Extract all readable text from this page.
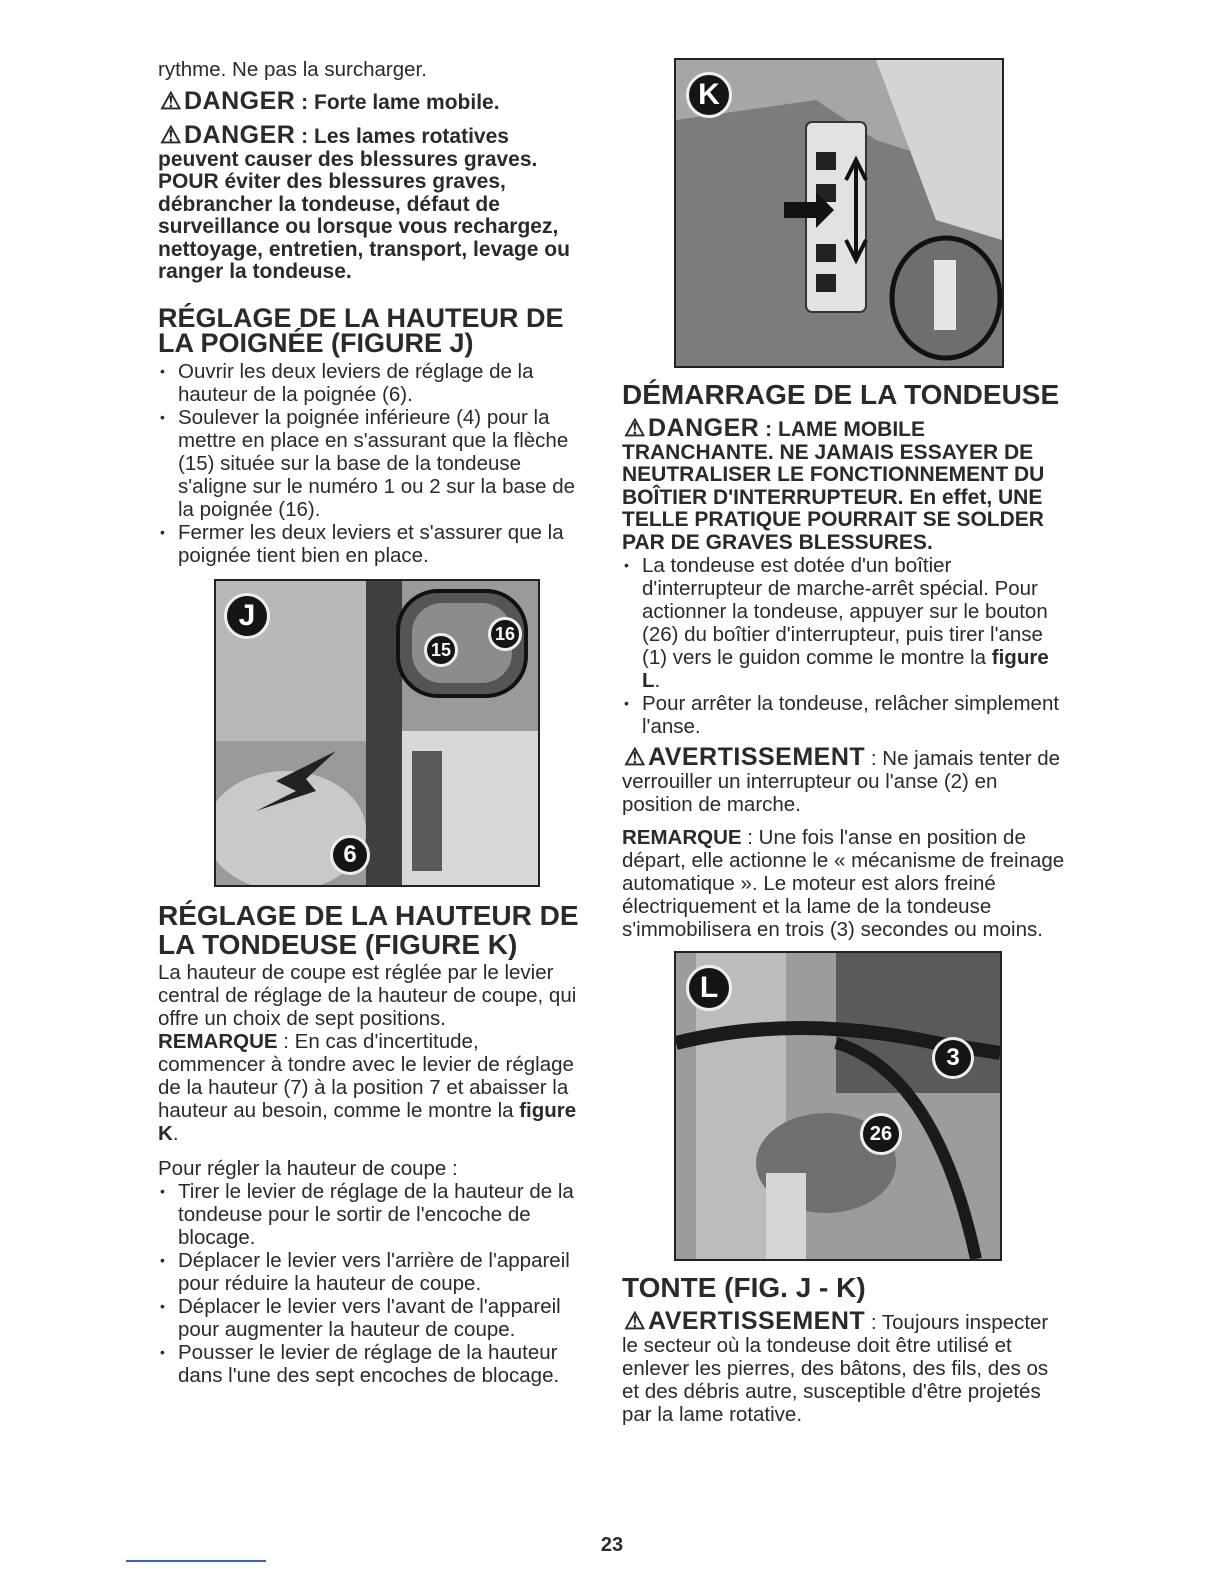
rythme. Ne pas la surcharger.

⚠DANGER : Forte lame mobile.

⚠DANGER : Les lames rotatives peuvent causer des blessures graves. POUR éviter des blessures graves, débrancher la tondeuse, défaut de surveillance ou lorsque vous rechargez, nettoyage, entretien, transport, levage ou ranger la tondeuse.

RÉGLAGE DE LA HAUTEUR DE LA POIGNÉE (FIGURE J)
• Ouvrir les deux leviers de réglage de la hauteur de la poignée (6).
• Soulever la poignée inférieure (4) pour la mettre en place en s'assurant que la flèche (15) située sur la base de la tondeuse s'aligne sur le numéro 1 ou 2 sur la base de la poignée (16).
• Fermer les deux leviers et s'assurer que la poignée tient bien en place.
J
15
16
6
RÉGLAGE DE LA HAUTEUR DE LA TONDEUSE (FIGURE K)

La hauteur de coupe est réglée par le levier central de réglage de la hauteur de coupe, qui offre un choix de sept positions.

REMARQUE : En cas d'incertitude, commencer à tondre avec le levier de réglage de la hauteur (7) à la position 7 et abaisser la hauteur au besoin, comme le montre la figure K.

Pour régler la hauteur de coupe :

• Tirer le levier de réglage de la hauteur de la tondeuse pour le sortir de l'encoche de blocage.
• Déplacer le levier vers l'arrière de l'appareil pour réduire la hauteur de coupe.
• Déplacer le levier vers l'avant de l'appareil pour augmenter la hauteur de coupe.
• Pousser le levier de réglage de la hauteur dans l'une des sept encoches de blocage.
K
DÉMARRAGE DE LA TONDEUSE

⚠DANGER : LAME MOBILE TRANCHANTE. NE JAMAIS ESSAYER DE NEUTRALISER LE FONCTIONNEMENT DU BOÎTIER D'INTERRUPTEUR. En effet, UNE TELLE PRATIQUE POURRAIT SE SOLDER PAR DE GRAVES BLESSURES.

• La tondeuse est dotée d'un boîtier d'interrupteur de marche-arrêt spécial. Pour actionner la tondeuse, appuyer sur le bouton (26) du boîtier d'interrupteur, puis tirer l'anse (1) vers le guidon comme le montre la figure L.
• Pour arrêter la tondeuse, relâcher simplement l'anse.

⚠AVERTISSEMENT : Ne jamais tenter de verrouiller un interrupteur ou l'anse (2) en position de marche.

REMARQUE : Une fois l'anse en position de départ, elle actionne le « mécanisme de freinage automatique ». Le moteur est alors freiné électriquement et la lame de la tondeuse s'immobilisera en trois (3) secondes ou moins.

L
3
26
TONTE (FIG. J - K)

⚠AVERTISSEMENT : Toujours inspecter le secteur où la tondeuse doit être utilisé et enlever les pierres, des bâtons, des fils, des os et des débris autre, susceptible d'être projetés par la lame rotative.

23
